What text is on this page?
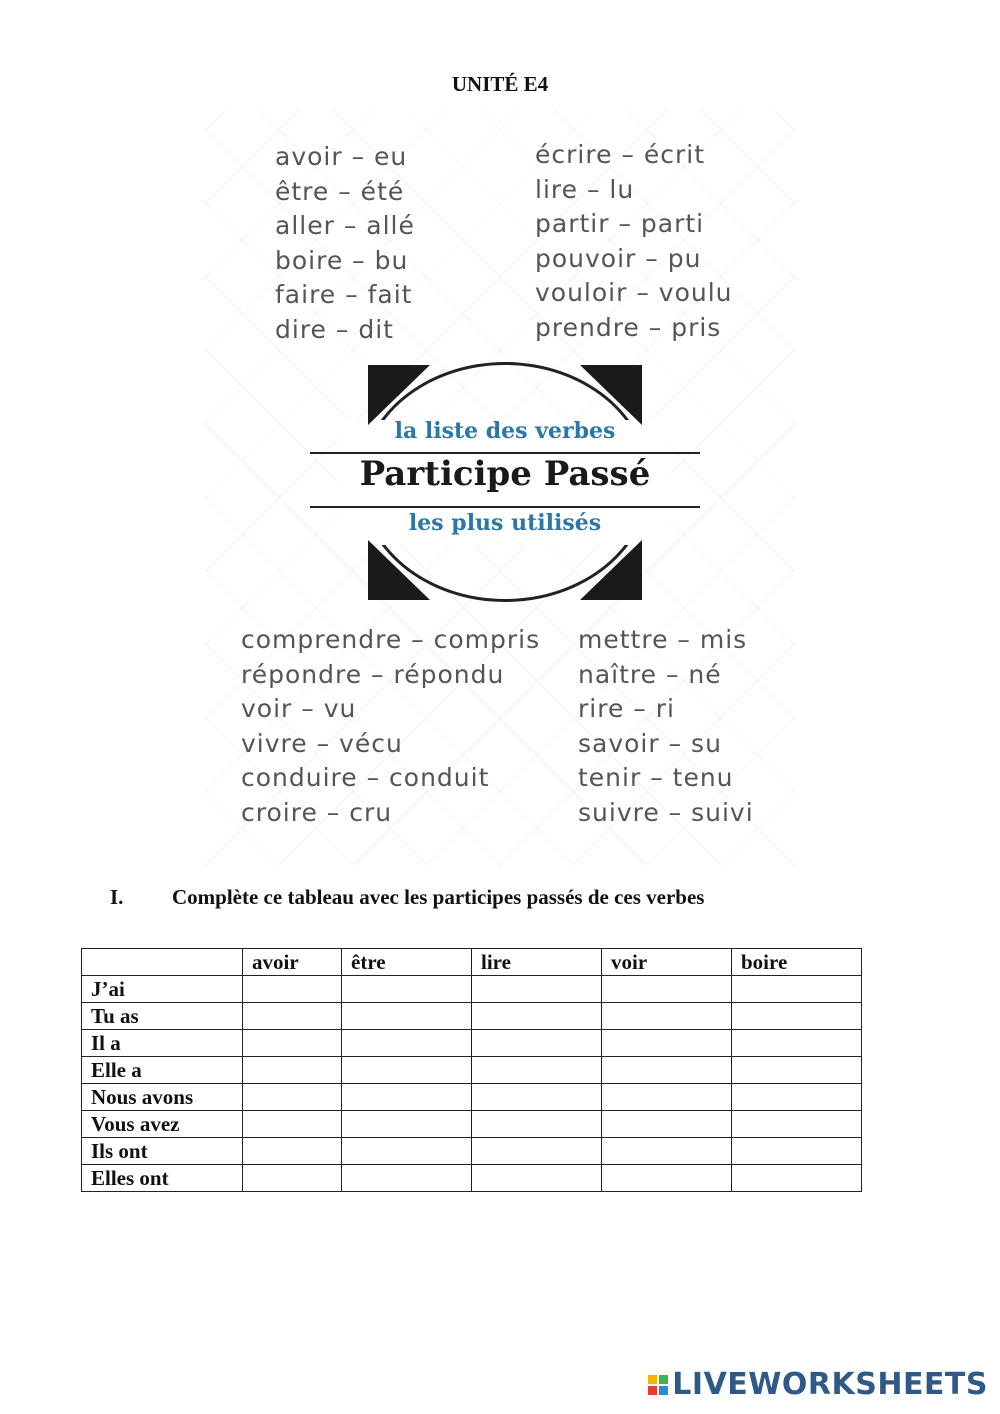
UNITÉ E4
avoir – eu
être – été
aller – allé
boire – bu
faire – fait
dire – dit
écrire – écrit
lire – lu
partir – parti
pouvoir – pu
vouloir – voulu
prendre – pris
la liste des verbes
Participe Passé
les plus utilisés
comprendre – compris
répondre – répondu
voir – vu
vivre – vécu
conduire – conduit
croire – cru
mettre – mis
naître – né
rire – ri
savoir – su
tenir – tenu
suivre – suivi
I. Complète ce tableau avec les participes passés de ces verbes
	avoir	être	lire	voir	boire
J’ai					
Tu as					
Il a					
Elle a					
Nous avons					
Vous avez					
Ils ont					
Elles ont					
LIVEWORKSHEETS
